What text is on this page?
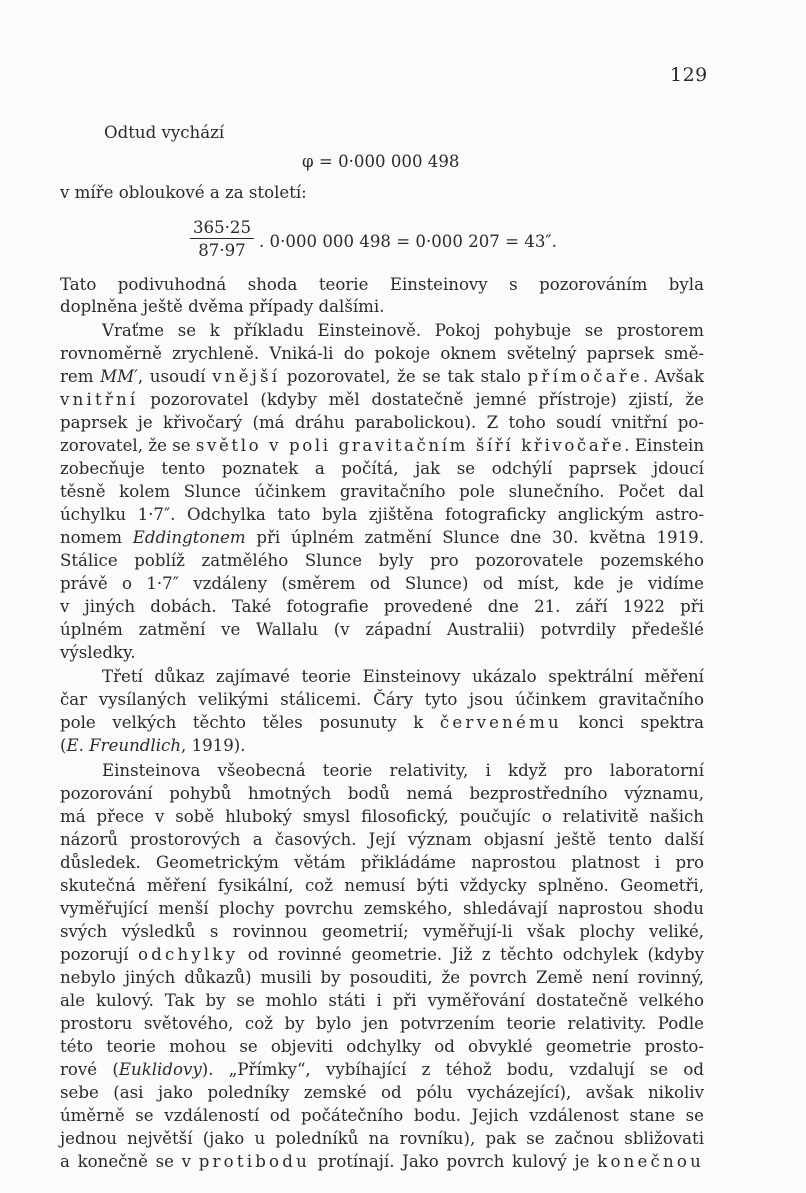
129
Odtud vychází
φ = 0·000 000 498
v míře obloukové a za století:
$\frac{365\cdot 25}{87\cdot 97}$ . 0·000 000 498 = 0·000 207 = 43″.
Tato podivuhodná shoda teorie Einsteinovy s pozorováním byla
doplněna ještě dvěma případy dalšími.
Vraťme se k příkladu Einsteinově. Pokoj pohybuje se prostorem
rovnoměrně zrychleně. Vniká-li do pokoje oknem světelný paprsek smě-
rem MM′, usoudí vnější pozorovatel, že se tak stalo přímočaře. Avšak
vnitřní pozorovatel (kdyby měl dostatečně jemné přístroje) zjistí, že
paprsek je křivočarý (má dráhu parabolickou). Z toho soudí vnitřní po-
zorovatel, že se světlo v poli gravitačním šíří křivočaře. Einstein
zobecňuje tento poznatek a počítá, jak se odchýlí paprsek jdoucí
těsně kolem Slunce účinkem gravitačního pole slunečního. Počet dal
úchylku 1·7″. Odchylka tato byla zjištěna fotograficky anglickým astro-
nomem Eddingtonem při úplném zatmění Slunce dne 30. května 1919.
Stálice poblíž zatmělého Slunce byly pro pozorovatele pozemského
právě o 1·7″ vzdáleny (směrem od Slunce) od míst, kde je vidíme
v jiných dobách. Také fotografie provedené dne 21. září 1922 při
úplném zatmění ve Wallalu (v západní Australii) potvrdily předešlé
výsledky.
Třetí důkaz zajímavé teorie Einsteinovy ukázalo spektrální měření
čar vysílaných velikými stálicemi. Čáry tyto jsou účinkem gravitačního
pole velkých těchto těles posunuty k červenému konci spektra
(E. Freundlich, 1919).
Einsteinova všeobecná teorie relativity, i když pro laboratorní
pozorování pohybů hmotných bodů nemá bezprostředního významu,
má přece v sobě hluboký smysl filosofický, poučujíc o relativitě našich
názorů prostorových a časových. Její význam objasní ještě tento další
důsledek. Geometrickým větám přikládáme naprostou platnost i pro
skutečná měření fysikální, což nemusí býti vždycky splněno. Geometři,
vyměřující menší plochy povrchu zemského, shledávají naprostou shodu
svých výsledků s rovinnou geometrií; vyměřují-li však plochy veliké,
pozorují odchylky od rovinné geometrie. Již z těchto odchylek (kdyby
nebylo jiných důkazů) musili by posouditi, že povrch Země není rovinný,
ale kulový. Tak by se mohlo státi i při vyměřování dostatečně velkého
prostoru světového, což by bylo jen potvrzením teorie relativity. Podle
této teorie mohou se objeviti odchylky od obvyklé geometrie prosto-
rové (Euklidovy). „Přímky“, vybíhající z téhož bodu, vzdalují se od
sebe (asi jako poledníky zemské od pólu vycházející), avšak nikoliv
úměrně se vzdáleností od počátečního bodu. Jejich vzdálenost stane se
jednou největší (jako u poledníků na rovníku), pak se začnou sbližovati
a konečně se v protibodu protínají. Jako povrch kulový je konečnou
